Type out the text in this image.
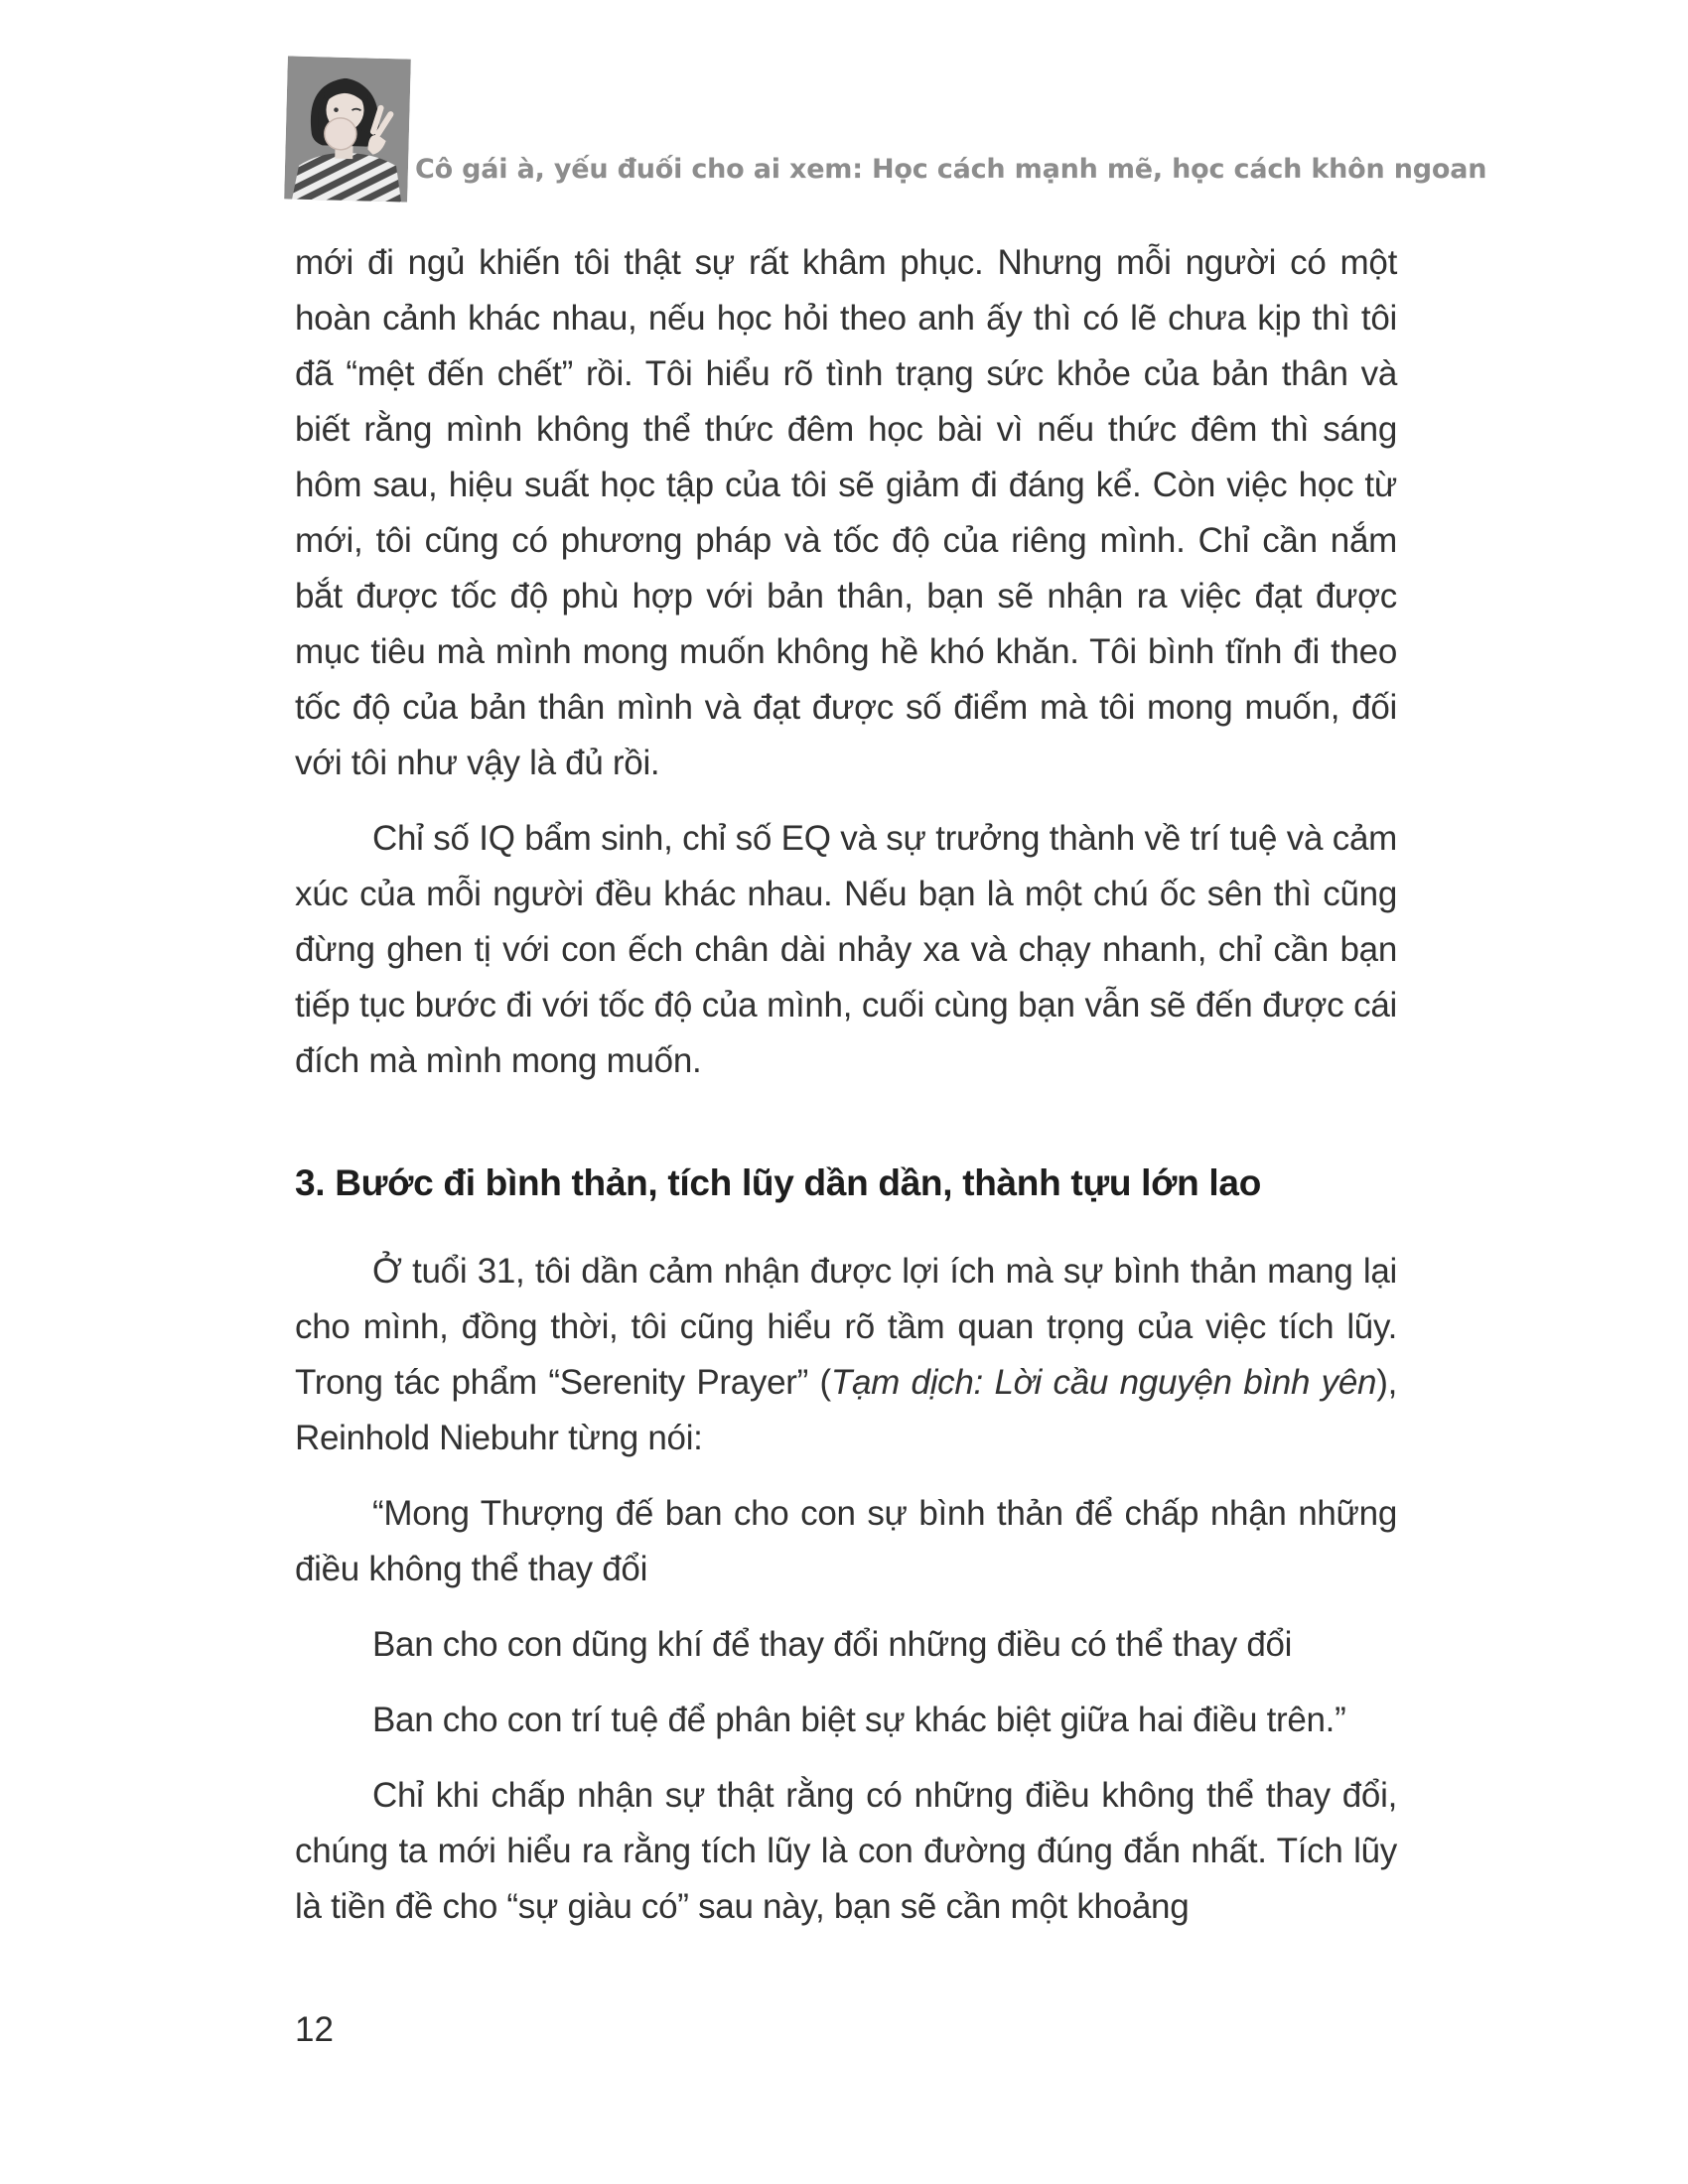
Cô gái à, yếu đuối cho ai xem: Học cách mạnh mẽ, học cách khôn ngoan

mới đi ngủ khiến tôi thật sự rất khâm phục. Nhưng mỗi người có một hoàn cảnh khác nhau, nếu học hỏi theo anh ấy thì có lẽ chưa kịp thì tôi đã “mệt đến chết” rồi. Tôi hiểu rõ tình trạng sức khỏe của bản thân và biết rằng mình không thể thức đêm học bài vì nếu thức đêm thì sáng hôm sau, hiệu suất học tập của tôi sẽ giảm đi đáng kể. Còn việc học từ mới, tôi cũng có phương pháp và tốc độ của riêng mình. Chỉ cần nắm bắt được tốc độ phù hợp với bản thân, bạn sẽ nhận ra việc đạt được mục tiêu mà mình mong muốn không hề khó khăn. Tôi bình tĩnh đi theo tốc độ của bản thân mình và đạt được số điểm mà tôi mong muốn, đối với tôi như vậy là đủ rồi.

Chỉ số IQ bẩm sinh, chỉ số EQ và sự trưởng thành về trí tuệ và cảm xúc của mỗi người đều khác nhau. Nếu bạn là một chú ốc sên thì cũng đừng ghen tị với con ếch chân dài nhảy xa và chạy nhanh, chỉ cần bạn tiếp tục bước đi với tốc độ của mình, cuối cùng bạn vẫn sẽ đến được cái đích mà mình mong muốn.

3. Bước đi bình thản, tích lũy dần dần, thành tựu lớn lao

Ở tuổi 31, tôi dần cảm nhận được lợi ích mà sự bình thản mang lại cho mình, đồng thời, tôi cũng hiểu rõ tầm quan trọng của việc tích lũy. Trong tác phẩm “Serenity Prayer” (Tạm dịch: Lời cầu nguyện bình yên), Reinhold Niebuhr từng nói:

“Mong Thượng đế ban cho con sự bình thản để chấp nhận những điều không thể thay đổi

Ban cho con dũng khí để thay đổi những điều có thể thay đổi

Ban cho con trí tuệ để phân biệt sự khác biệt giữa hai điều trên.”

Chỉ khi chấp nhận sự thật rằng có những điều không thể thay đổi, chúng ta mới hiểu ra rằng tích lũy là con đường đúng đắn nhất. Tích lũy là tiền đề cho “sự giàu có” sau này, bạn sẽ cần một khoảng

12
